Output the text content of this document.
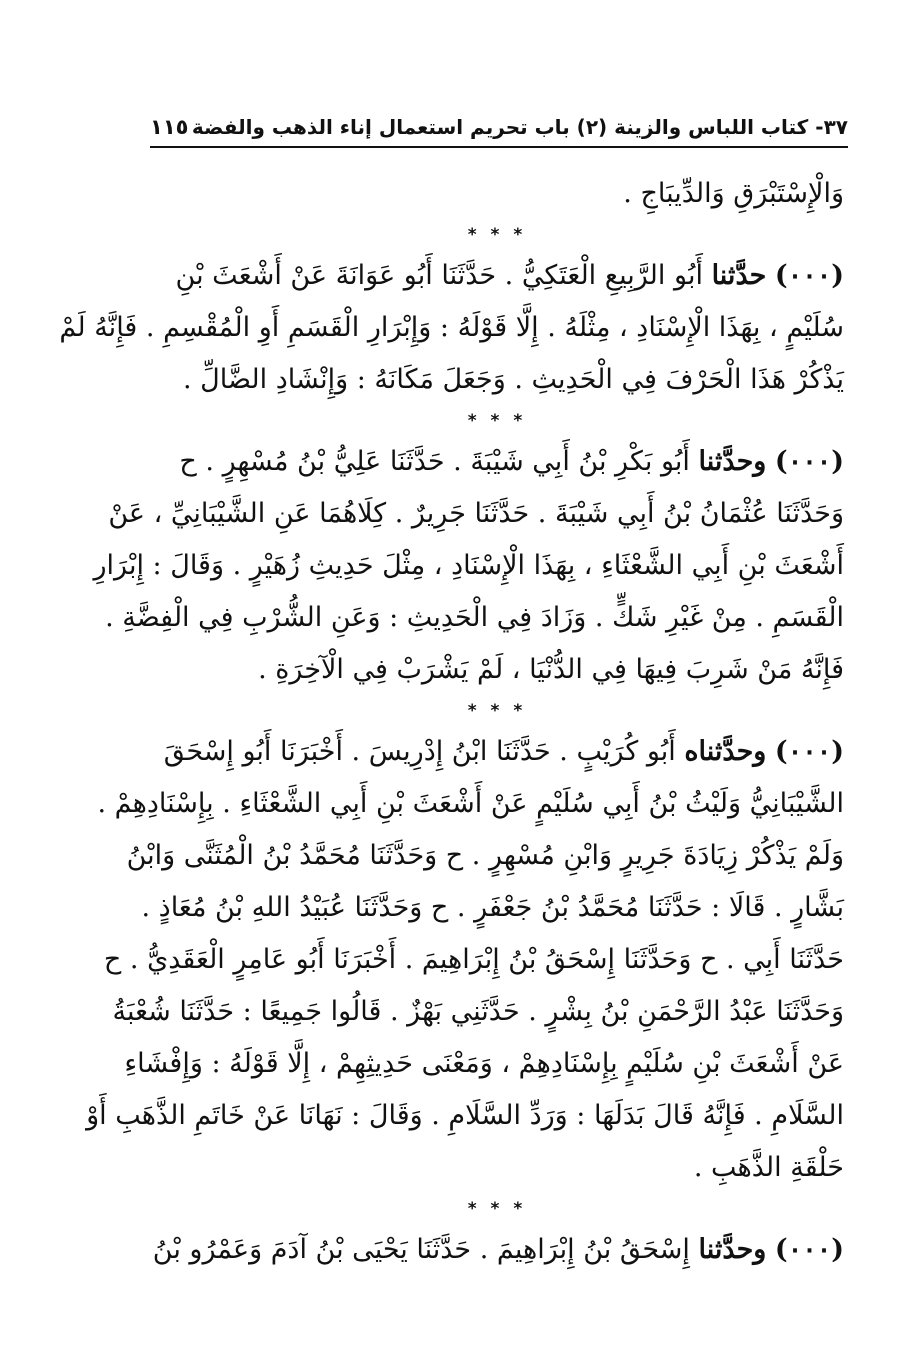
١١٥ ٣٧- كتاب اللباس والزينة (٢) باب تحريم استعمال إناء الذهب والفضة
وَالْإِسْتَبْرَقِ وَالدِّيبَاجِ .
* * *
(٠٠٠) حدَّثنا أَبُو الرَّبِيعِ الْعَتَكِيُّ . حَدَّثَنَا أَبُو عَوَانَةَ عَنْ أَشْعَثَ بْنِ
سُلَيْمٍ ، بِهَذَا الْإِسْنَادِ ، مِثْلَهُ . إِلَّا قَوْلَهُ : وَإِبْرَارِ الْقَسَمِ أَوِ الْمُقْسِمِ . فَإِنَّهُ لَمْ
يَذْكُرْ هَذَا الْحَرْفَ فِي الْحَدِيثِ . وَجَعَلَ مَكَانَهُ : وَإِنْشَادِ الضَّالِّ .
* * *
(٠٠٠) وحدَّثنا أَبُو بَكْرِ بْنُ أَبِي شَيْبَةَ . حَدَّثَنَا عَلِيُّ بْنُ مُسْهِرٍ . ح
وَحَدَّثَنَا عُثْمَانُ بْنُ أَبِي شَيْبَةَ . حَدَّثَنَا جَرِيرٌ . كِلَاهُمَا عَنِ الشَّيْبَانِيِّ ، عَنْ
أَشْعَثَ بْنِ أَبِي الشَّعْثَاءِ ، بِهَذَا الْإِسْنَادِ ، مِثْلَ حَدِيثِ زُهَيْرٍ . وَقَالَ : إِبْرَارِ
الْقَسَمِ . مِنْ غَيْرِ شَكٍّ . وَزَادَ فِي الْحَدِيثِ : وَعَنِ الشُّرْبِ فِي الْفِضَّةِ .
فَإِنَّهُ مَنْ شَرِبَ فِيهَا فِي الدُّنْيَا ، لَمْ يَشْرَبْ فِي الْآخِرَةِ .
* * *
(٠٠٠) وحدَّثناه أَبُو كُرَيْبٍ . حَدَّثَنَا ابْنُ إِدْرِيسَ . أَخْبَرَنَا أَبُو إِسْحَقَ
الشَّيْبَانِيُّ وَلَيْثُ بْنُ أَبِي سُلَيْمٍ عَنْ أَشْعَثَ بْنِ أَبِي الشَّعْثَاءِ . بِإِسْنَادِهِمْ .
وَلَمْ يَذْكُرْ زِيَادَةَ جَرِيرٍ وَابْنِ مُسْهِرٍ . ح وَحَدَّثَنَا مُحَمَّدُ بْنُ الْمُثَنَّى وَابْنُ
بَشَّارٍ . قَالَا : حَدَّثَنَا مُحَمَّدُ بْنُ جَعْفَرٍ . ح وَحَدَّثَنَا عُبَيْدُ اللهِ بْنُ مُعَاذٍ .
حَدَّثَنَا أَبِي . ح وَحَدَّثَنَا إِسْحَقُ بْنُ إِبْرَاهِيمَ . أَخْبَرَنَا أَبُو عَامِرٍ الْعَقَدِيُّ . ح
وَحَدَّثَنَا عَبْدُ الرَّحْمَنِ بْنُ بِشْرٍ . حَدَّثَنِي بَهْزٌ . قَالُوا جَمِيعًا : حَدَّثَنَا شُعْبَةُ
عَنْ أَشْعَثَ بْنِ سُلَيْمٍ بِإِسْنَادِهِمْ ، وَمَعْنَى حَدِيثِهِمْ ، إِلَّا قَوْلَهُ : وَإِفْشَاءِ
السَّلَامِ . فَإِنَّهُ قَالَ بَدَلَهَا : وَرَدِّ السَّلَامِ . وَقَالَ : نَهَانَا عَنْ خَاتَمِ الذَّهَبِ أَوْ
حَلْقَةِ الذَّهَبِ .
* * *
(٠٠٠) وحدَّثنا إِسْحَقُ بْنُ إِبْرَاهِيمَ . حَدَّثَنَا يَحْيَى بْنُ آدَمَ وَعَمْرُو بْنُ
